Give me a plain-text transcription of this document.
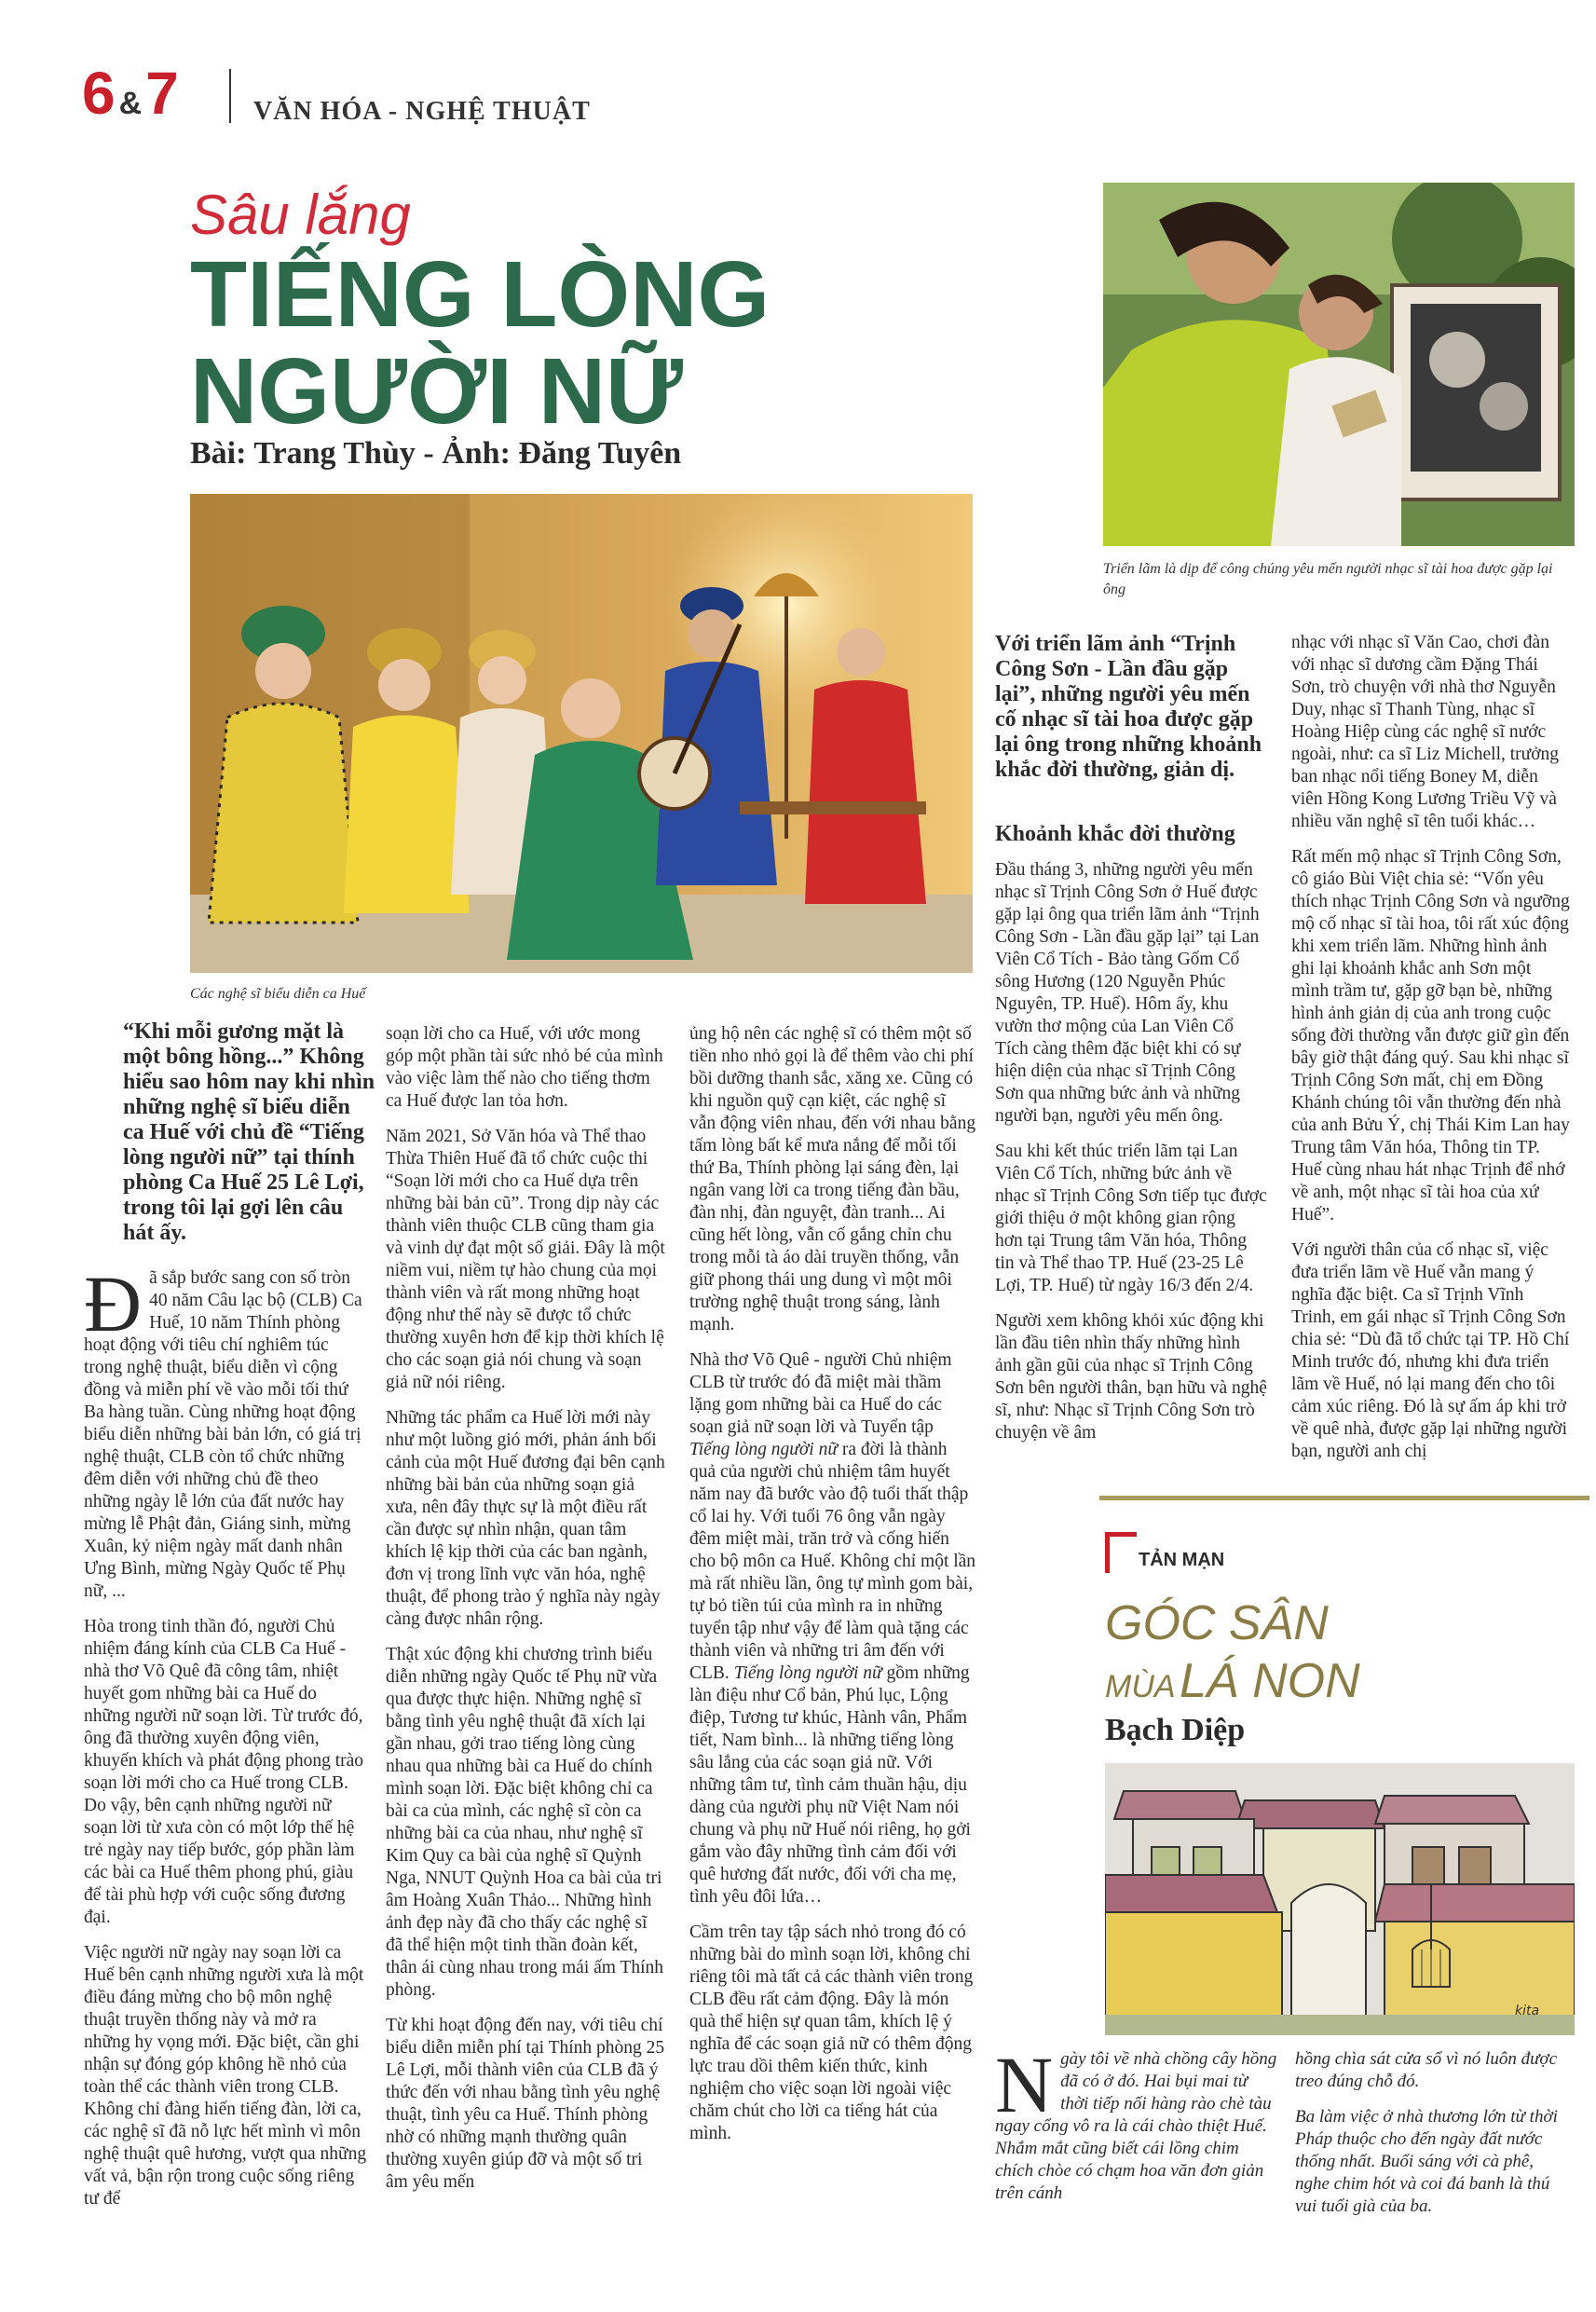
6 &7	VĂN HÓA - NGHỆ THUẬT
Sâu lắng
TIẾNG LÒNG
NGƯỜI NỮ
Bài: Trang Thùy - Ảnh: Đăng Tuyên
Các nghệ sĩ biểu diễn ca Huế
Triển lãm là dịp để công chúng yêu mến người nhạc sĩ tài hoa được gặp lại ông
“Khi mỗi gương mặt là một bông hồng...” Không hiểu sao hôm nay khi nhìn những nghệ sĩ biểu diễn ca Huế với chủ đề “Tiếng lòng người nữ” tại thính phòng Ca Huế 25 Lê Lợi, trong tôi lại gợi lên câu hát ấy.

Đã sắp bước sang con số tròn 40 năm Câu lạc bộ (CLB) Ca Huế, 10 năm Thính phòng hoạt động với tiêu chí nghiêm túc trong nghệ thuật, biểu diễn vì cộng đồng và miễn phí về vào mỗi tối thứ Ba hàng tuần. Cùng những hoạt động biểu diễn những bài bản lớn, có giá trị nghệ thuật, CLB còn tổ chức những đêm diễn với những chủ đề theo những ngày lễ lớn của đất nước hay mừng lễ Phật đản, Giáng sinh, mừng Xuân, kỷ niệm ngày mất danh nhân Ưng Bình, mừng Ngày Quốc tế Phụ nữ, ...

Hòa trong tinh thần đó, người Chủ nhiệm đáng kính của CLB Ca Huế - nhà thơ Võ Quê đã công tâm, nhiệt huyết gom những bài ca Huế do những người nữ soạn lời. Từ trước đó, ông đã thường xuyên động viên, khuyến khích và phát động phong trào soạn lời mới cho ca Huế trong CLB. Do vậy, bên cạnh những người nữ soạn lời từ xưa còn có một lớp thế hệ trẻ ngày nay tiếp bước, góp phần làm các bài ca Huế thêm phong phú, giàu để tài phù hợp với cuộc sống đương đại.

Việc người nữ ngày nay soạn lời ca Huế bên cạnh những người xưa là một điều đáng mừng cho bộ môn nghệ thuật truyền thống này và mở ra những hy vọng mới. Đặc biệt, cần ghi nhận sự đóng góp không hề nhỏ của toàn thể các thành viên trong CLB. Không chỉ đàng hiến tiếng đàn, lời ca, các nghệ sĩ đã nỗ lực hết mình vì môn nghệ thuật quê hương, vượt qua những vất vả, bận rộn trong cuộc sống riêng tư để

soạn lời cho ca Huế, với ước mong góp một phần tài sức nhỏ bé của mình vào việc làm thế nào cho tiếng thơm ca Huế được lan tỏa hơn.

Năm 2021, Sở Văn hóa và Thể thao Thừa Thiên Huế đã tổ chức cuộc thi “Soạn lời mới cho ca Huế dựa trên những bài bản cũ”. Trong dịp này các thành viên thuộc CLB cũng tham gia và vinh dự đạt một số giải. Đây là một niềm vui, niềm tự hào chung của mọi thành viên và rất mong những hoạt động như thế này sẽ được tổ chức thường xuyên hơn để kịp thời khích lệ cho các soạn giả nói chung và soạn giả nữ nói riêng.

Những tác phẩm ca Huế lời mới này như một luồng gió mới, phản ánh bối cảnh của một Huế đương đại bên cạnh những bài bản của những soạn giả xưa, nên đây thực sự là một điều rất cần được sự nhìn nhận, quan tâm khích lệ kịp thời của các ban ngành, đơn vị trong lĩnh vực văn hóa, nghệ thuật, để phong trào ý nghĩa này ngày càng được nhân rộng.

Thật xúc động khi chương trình biểu diễn những ngày Quốc tế Phụ nữ vừa qua được thực hiện. Những nghệ sĩ bằng tình yêu nghệ thuật đã xích lại gần nhau, gởi trao tiếng lòng cùng nhau qua những bài ca Huế do chính mình soạn lời. Đặc biệt không chỉ ca bài ca của mình, các nghệ sĩ còn ca những bài ca của nhau, như nghệ sĩ Kim Quy ca bài của nghệ sĩ Quỳnh Nga, NNUT Quỳnh Hoa ca bài của tri âm Hoàng Xuân Thảo... Những hình ảnh đẹp này đã cho thấy các nghệ sĩ đã thể hiện một tinh thần đoàn kết, thân ái cùng nhau trong mái ấm Thính phòng.

Từ khi hoạt động đến nay, với tiêu chí biểu diễn miễn phí tại Thính phòng 25 Lê Lợi, mỗi thành viên của CLB đã ý thức đến với nhau bằng tình yêu nghệ thuật, tình yêu ca Huế. Thính phòng nhờ có những mạnh thường quân thường xuyên giúp đỡ và một số tri âm yêu mến

ủng hộ nên các nghệ sĩ có thêm một số tiền nho nhỏ gọi là để thêm vào chi phí bồi dưỡng thanh sắc, xăng xe. Cũng có khi nguồn quỹ cạn kiệt, các nghệ sĩ vẫn động viên nhau, đến với nhau bằng tấm lòng bất kể mưa nắng để mỗi tối thứ Ba, Thính phòng lại sáng đèn, lại ngân vang lời ca trong tiếng đàn bầu, đàn nhị, đàn nguyệt, đàn tranh... Ai cũng hết lòng, vẫn cố gắng chỉn chu trong mỗi tà áo dài truyền thống, vẫn giữ phong thái ung dung vì một môi trường nghệ thuật trong sáng, lành mạnh.

Nhà thơ Võ Quê - người Chủ nhiệm CLB từ trước đó đã miệt mài thầm lặng gom những bài ca Huế do các soạn giả nữ soạn lời và Tuyển tập Tiếng lòng người nữ ra đời là thành quả của người chủ nhiệm tâm huyết năm nay đã bước vào độ tuổi thất thập cổ lai hy. Với tuổi 76 ông vẫn ngày đêm miệt mài, trăn trở và cống hiến cho bộ môn ca Huế. Không chỉ một lần mà rất nhiều lần, ông tự mình gom bài, tự bỏ tiền túi của mình ra in những tuyển tập như vậy để làm quà tặng các thành viên và những tri âm đến với CLB. Tiếng lòng người nữ gồm những làn điệu như Cổ bản, Phú lục, Lộng điệp, Tương tư khúc, Hành vân, Phẩm tiết, Nam bình... là những tiếng lòng sâu lắng của các soạn giả nữ. Với những tâm tư, tình cảm thuần hậu, dịu dàng của người phụ nữ Việt Nam nói chung và phụ nữ Huế nói riêng, họ gởi gắm vào đây những tình cảm đối với quê hương đất nước, đối với cha mẹ, tình yêu đôi lứa…

Cầm trên tay tập sách nhỏ trong đó có những bài do mình soạn lời, không chỉ riêng tôi mà tất cả các thành viên trong CLB đều rất cảm động. Đây là món quà thể hiện sự quan tâm, khích lệ ý nghĩa để các soạn giả nữ có thêm động lực trau dồi thêm kiến thức, kinh nghiệm cho việc soạn lời ngoài việc chăm chút cho lời ca tiếng hát của mình.

Với triển lãm ảnh “Trịnh Công Sơn - Lần đầu gặp lại”, những người yêu mến cố nhạc sĩ tài hoa được gặp lại ông trong những khoảnh khắc đời thường, giản dị.
Khoảnh khắc đời thường

Đầu tháng 3, những người yêu mến nhạc sĩ Trịnh Công Sơn ở Huế được gặp lại ông qua triển lãm ảnh “Trịnh Công Sơn - Lần đầu gặp lại” tại Lan Viên Cổ Tích - Bảo tàng Gốm Cổ sông Hương (120 Nguyễn Phúc Nguyên, TP. Huế). Hôm ấy, khu vườn thơ mộng của Lan Viên Cổ Tích càng thêm đặc biệt khi có sự hiện diện của nhạc sĩ Trịnh Công Sơn qua những bức ảnh và những người bạn, người yêu mến ông.

Sau khi kết thúc triển lãm tại Lan Viên Cổ Tích, những bức ảnh về nhạc sĩ Trịnh Công Sơn tiếp tục được giới thiệu ở một không gian rộng hơn tại Trung tâm Văn hóa, Thông tin và Thể thao TP. Huế (23-25 Lê Lợi, TP. Huế) từ ngày 16/3 đến 2/4.

Người xem không khỏi xúc động khi lần đầu tiên nhìn thấy những hình ảnh gần gũi của nhạc sĩ Trịnh Công Sơn bên người thân, bạn hữu và nghệ sĩ, như: Nhạc sĩ Trịnh Công Sơn trò chuyện về âm

nhạc với nhạc sĩ Văn Cao, chơi đàn với nhạc sĩ dương cầm Đặng Thái Sơn, trò chuyện với nhà thơ Nguyễn Duy, nhạc sĩ Thanh Tùng, nhạc sĩ Hoàng Hiệp cùng các nghệ sĩ nước ngoài, như: ca sĩ Liz Michell, trưởng ban nhạc nổi tiếng Boney M, diễn viên Hồng Kong Lương Triều Vỹ và nhiều văn nghệ sĩ tên tuổi khác…

Rất mến mộ nhạc sĩ Trịnh Công Sơn, cô giáo Bùi Việt chia sẻ: “Vốn yêu thích nhạc Trịnh Công Sơn và ngưỡng mộ cố nhạc sĩ tài hoa, tôi rất xúc động khi xem triển lãm. Những hình ảnh ghi lại khoảnh khắc anh Sơn một mình trầm tư, gặp gỡ bạn bè, những hình ảnh giản dị của anh trong cuộc sống đời thường vẫn được giữ gìn đến bây giờ thật đáng quý. Sau khi nhạc sĩ Trịnh Công Sơn mất, chị em Đồng Khánh chúng tôi vẫn thường đến nhà của anh Bửu Ý, chị Thái Kim Lan hay Trung tâm Văn hóa, Thông tin TP. Huế cùng nhau hát nhạc Trịnh để nhớ về anh, một nhạc sĩ tài hoa của xứ Huế”.

Với người thân của cố nhạc sĩ, việc đưa triển lãm về Huế vẫn mang ý nghĩa đặc biệt. Ca sĩ Trịnh Vĩnh Trinh, em gái nhạc sĩ Trịnh Công Sơn chia sẻ: “Dù đã tổ chức tại TP. Hồ Chí Minh trước đó, nhưng khi đưa triển lãm về Huế, nó lại mang đến cho tôi cảm xúc riêng. Đó là sự ấm áp khi trở về quê nhà, được gặp lại những người bạn, người anh chị

TẢN MẠN
GÓC SÂN
MÙA LÁ NON
Bạch Diệp
kita

Ngày tôi về nhà chồng cây hồng đã có ở đó. Hai bụi mai từ thời tiếp nối hàng rào chè tàu ngay cổng vô ra là cái chào thiệt Huế. Nhắm mắt cũng biết cái lồng chim chích chòe có chạm hoa văn đơn giản trên cánh

hồng chìa sát cửa sổ vì nó luôn được treo đúng chỗ đó.

Ba làm việc ở nhà thương lớn từ thời Pháp thuộc cho đến ngày đất nước thống nhất. Buổi sáng với cà phê, nghe chim hót và coi đá banh là thú vui tuổi già của ba.
